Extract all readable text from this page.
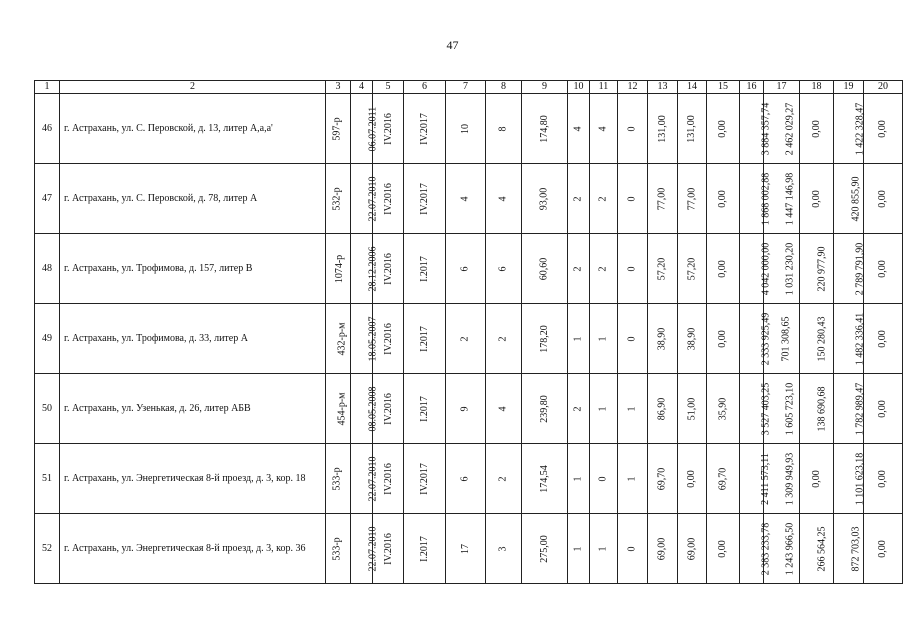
47
1	2	3	4	5	6	7	8	9	10	11	12	13	14	15	16	17	18	19	20
46	г. Астрахань, ул. С. Перовской, д. 13, литер А,а,а'	597-р	06.07.2011	IV.2016	IV.2017	10	8	174,80	4	4	0	131,00	131,00	0,00	3 884 357,74	2 462 029,27	0,00	1 422 328,47	0,00
47	г. Астрахань, ул. С. Перовской, д. 78, литер А	532-р	22.07.2010	IV.2016	IV.2017	4	4	93,00	2	2	0	77,00	77,00	0,00	1 868 002,88	1 447 146,98	0,00	420 855,90	0,00
48	г. Астрахань, ул. Трофимова, д. 157, литер В	1074-р	28.12.2006	IV.2016	I.2017	6	6	60,60	2	2	0	57,20	57,20	0,00	4 042 000,00	1 031 230,20	220 977,90	2 789 791,90	0,00
49	г. Астрахань, ул. Трофимова, д. 33, литер А	432-р-м	18.05.2007	IV.2016	I.2017	2	2	178,20	1	1	0	38,90	38,90	0,00	2 333 925,49	701 308,65	150 280,43	1 482 336,41	0,00
50	г. Астрахань, ул. Узенькая, д. 26, литер АБВ	454-р-м	08.05.2008	IV.2016	I.2017	9	4	239,80	2	1	1	86,90	51,00	35,90	3 527 403,25	1 605 723,10	138 690,68	1 782 989,47	0,00
51	г. Астрахань, ул. Энергетическая 8-й проезд, д. 3, кор. 18	533-р	22.07.2010	IV.2016	IV.2017	6	2	174,54	1	0	1	69,70	0,00	69,70	2 411 573,11	1 309 949,93	0,00	1 101 623,18	0,00
52	г. Астрахань, ул. Энергетическая 8-й проезд, д. 3, кор. 36	533-р	22.07.2010	IV.2016	I.2017	17	3	275,00	1	1	0	69,00	69,00	0,00	2 383 233,78	1 243 966,50	266 564,25	872 703,03	0,00
